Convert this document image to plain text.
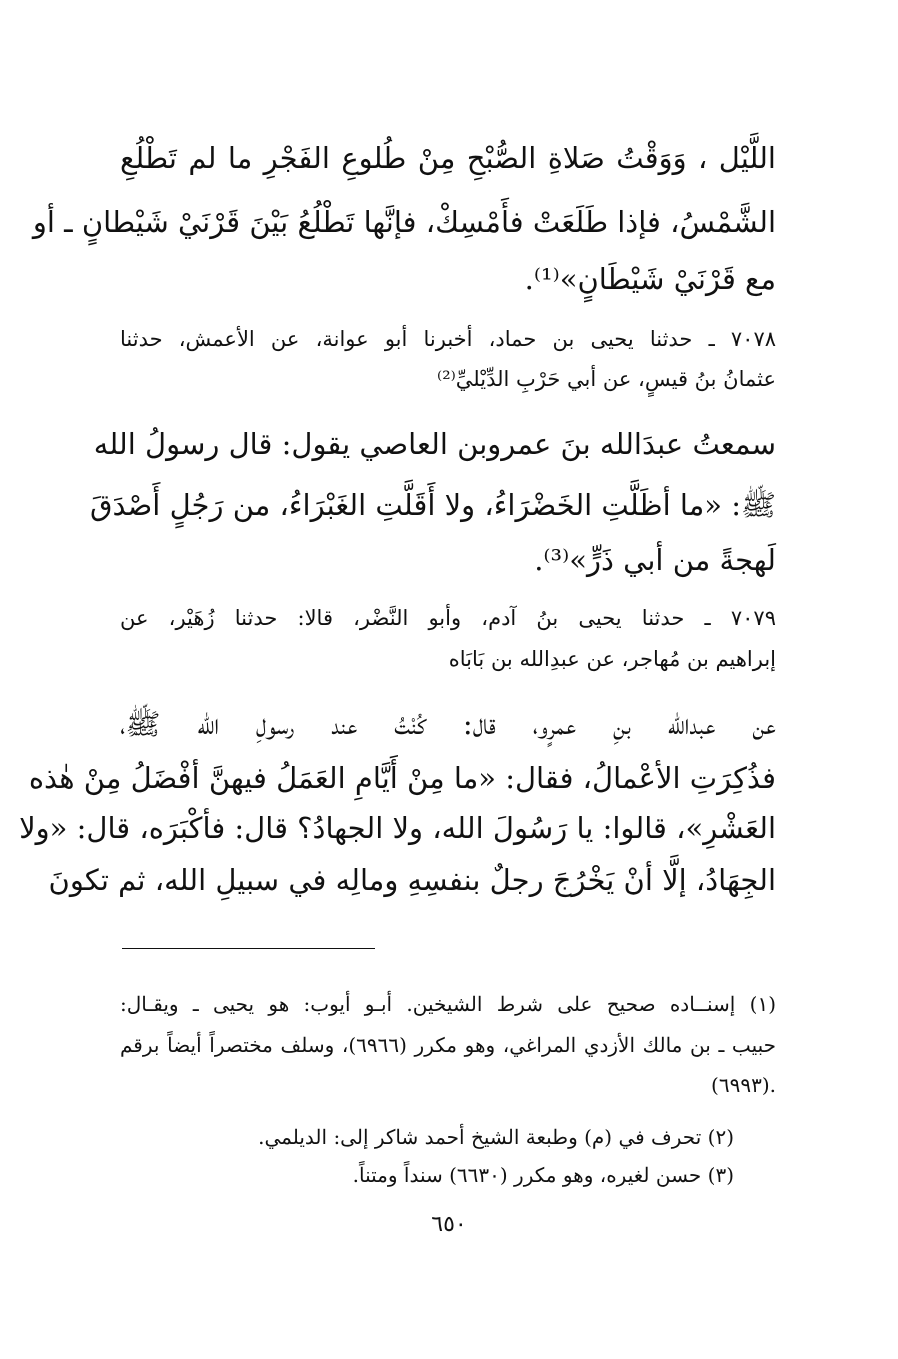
اللَّيْل ، وَوَقْتُ صَلاةِ الصُّبْحِ مِنْ طُلوعِ الفَجْرِ ما لم تَطْلُعِ

الشَّمْسُ، فإذا طَلَعَتْ فأَمْسِكْ، فإنَّها تَطْلُعُ بَيْنَ قَرْنَيْ شَيْطانٍ ـ أو

مع قَرْنَيْ شَيْطَانٍ»⁽¹⁾.

٧٠٧٨ ـ حدثنا يحيى بن حماد، أخبرنا أبو عوانة، عن الأعمش، حدثنا

عثمانُ بنُ قيسٍ، عن أبي حَرْبِ الدِّيْليِّ⁽²⁾

سمعتُ عبدَالله بنَ عمروبن العاصي يقول: قال رسولُ الله

ﷺ: «ما أظَلَّتِ الخَضْرَاءُ، ولا أَقَلَّتِ الغَبْرَاءُ، من رَجُلٍ أَصْدَقَ

لَهجةً من أبي ذَرٍّ»⁽³⁾.

٧٠٧٩ ـ حدثنا يحيى بنُ آدم، وأبو النَّضْر، قالا: حدثنا زُهَيْر، عن

إبراهيم بن مُهاجر، عن عبدِالله بن بَابَاه

عن عبدالله بنِ عمرٍو، قال: كُنْتُ عند رسولِ الله ﷺ،

فذُكِرَتِ الأعْمالُ، فقال: «ما مِنْ أَيَّامِ العَمَلُ فيهنَّ أفْضَلُ مِنْ هٰذه

العَشْرِ»، قالوا: يا رَسُولَ الله، ولا الجهادُ؟ قال: فأكْبَرَه، قال: «ولا

الجِهَادُ، إلَّا أنْ يَخْرُجَ رجلٌ بنفسِهِ ومالِه في سبيلِ الله، ثم تكونَ

(١) إسنــاده صحيح على شرط الشيخين. أبـو أيوب: هو يحيى ـ ويقـال:

حبيب ـ بن مالك الأزدي المراغي، وهو مكرر (٦٩٦٦)، وسلف مختصراً أيضاً برقم

(٦٩٩٣).

(٢) تحرف في (م) وطبعة الشيخ أحمد شاكر إلى: الديلمي.

(٣) حسن لغيره، وهو مكرر (٦٦٣٠) سنداً ومتناً.

٦٥٠
